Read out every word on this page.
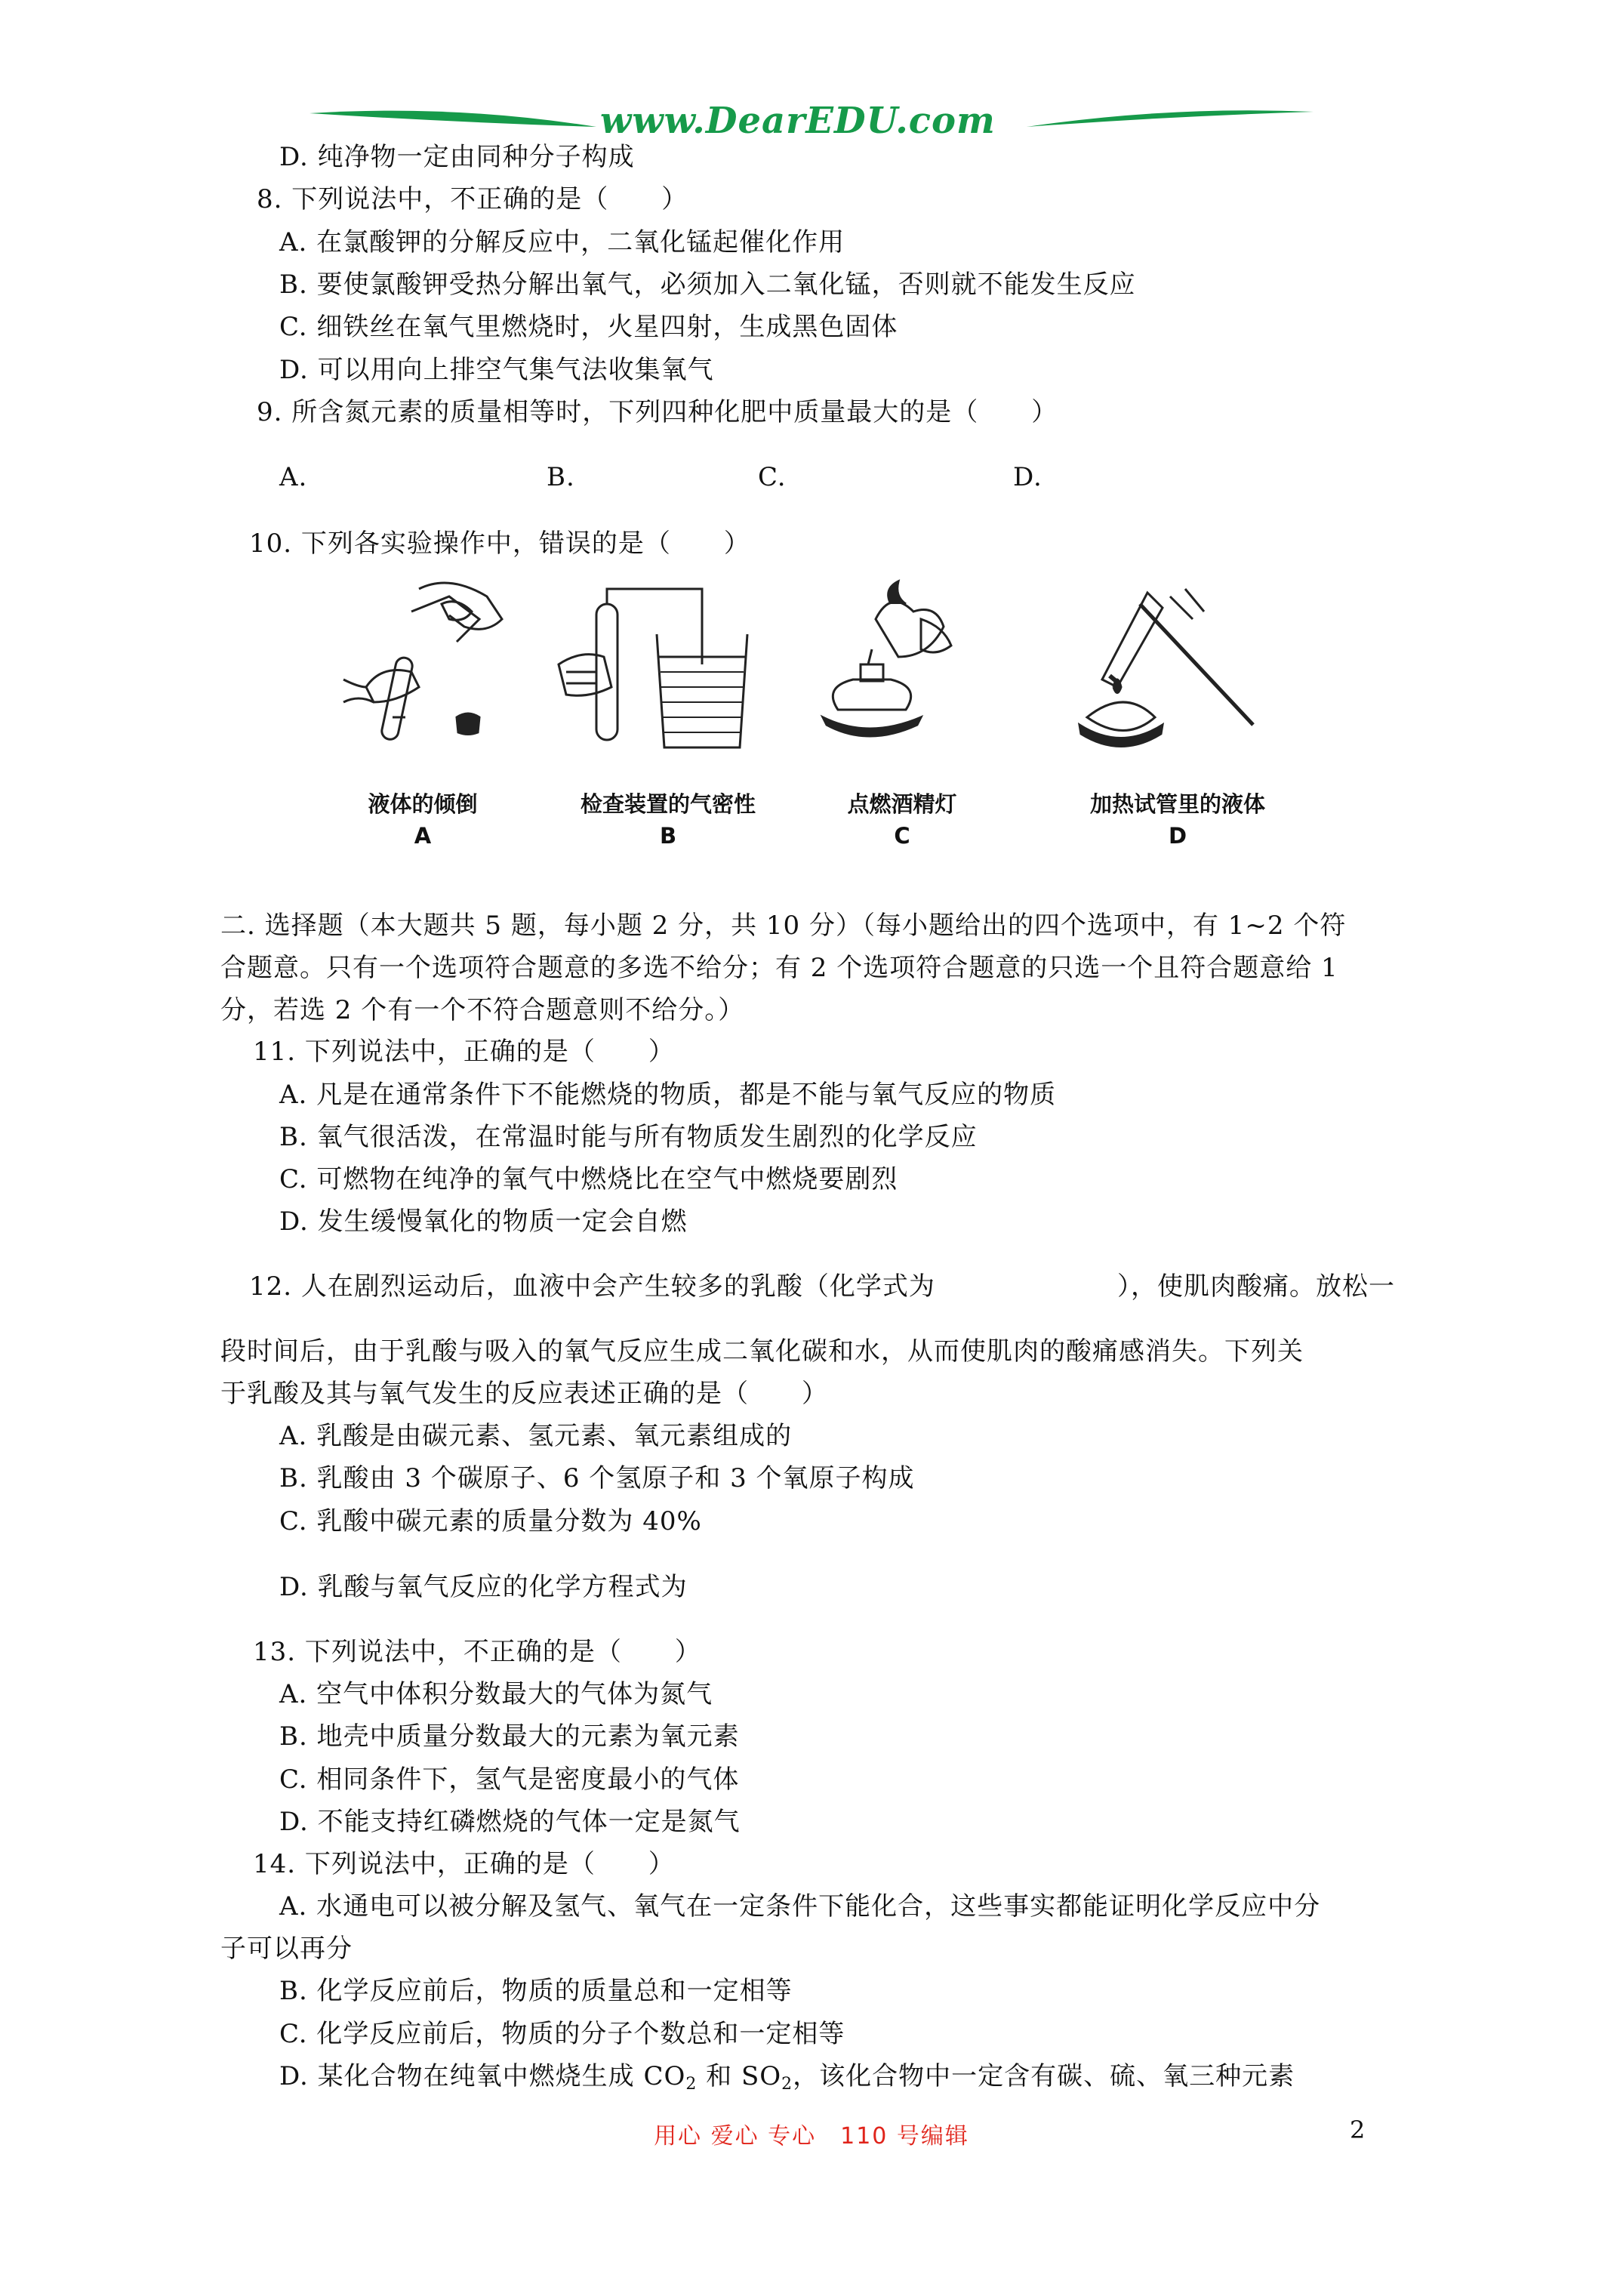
www.DearEDU.com
D. 纯净物一定由同种分子构成
8. 下列说法中，不正确的是（　　）
A. 在氯酸钾的分解反应中，二氧化锰起催化作用
B. 要使氯酸钾受热分解出氧气，必须加入二氧化锰，否则就不能发生反应
C. 细铁丝在氧气里燃烧时，火星四射，生成黑色固体
D. 可以用向上排空气集气法收集氧气
9. 所含氮元素的质量相等时，下列四种化肥中质量最大的是（　　）
A.	B.	C.	D.
10. 下列各实验操作中，错误的是（　　）
液体的倾倒
A
检查装置的气密性
B
点燃酒精灯
C
加热试管里的液体
D
二. 选择题（本大题共 5 题，每小题 2 分，共 10 分）（每小题给出的四个选项中，有 1~2 个符
合题意。只有一个选项符合题意的多选不给分；有 2 个选项符合题意的只选一个且符合题意给 1
分，若选 2 个有一个不符合题意则不给分。）
11. 下列说法中，正确的是（　　）
A. 凡是在通常条件下不能燃烧的物质，都是不能与氧气反应的物质
B. 氧气很活泼，在常温时能与所有物质发生剧烈的化学反应
C. 可燃物在纯净的氧气中燃烧比在空气中燃烧要剧烈
D. 发生缓慢氧化的物质一定会自燃
12. 人在剧烈运动后，血液中会产生较多的乳酸（化学式为	），使肌肉酸痛。放松一
段时间后，由于乳酸与吸入的氧气反应生成二氧化碳和水，从而使肌肉的酸痛感消失。下列关
于乳酸及其与氧气发生的反应表述正确的是（　　）
A. 乳酸是由碳元素、氢元素、氧元素组成的
B. 乳酸由 3 个碳原子、6 个氢原子和 3 个氧原子构成
C. 乳酸中碳元素的质量分数为 40%
D. 乳酸与氧气反应的化学方程式为
13. 下列说法中，不正确的是（　　）
A. 空气中体积分数最大的气体为氮气
B. 地壳中质量分数最大的元素为氧元素
C. 相同条件下，氢气是密度最小的气体
D. 不能支持红磷燃烧的气体一定是氮气
14. 下列说法中，正确的是（　　）
A. 水通电可以被分解及氢气、氧气在一定条件下能化合，这些事实都能证明化学反应中分
子可以再分
B. 化学反应前后，物质的质量总和一定相等
C. 化学反应前后，物质的分子个数总和一定相等
D. 某化合物在纯氧中燃烧生成 $CO_2$ 和 $SO_2$，该化合物中一定含有碳、硫、氧三种元素
用心 爱心 专心　110 号编辑	2
